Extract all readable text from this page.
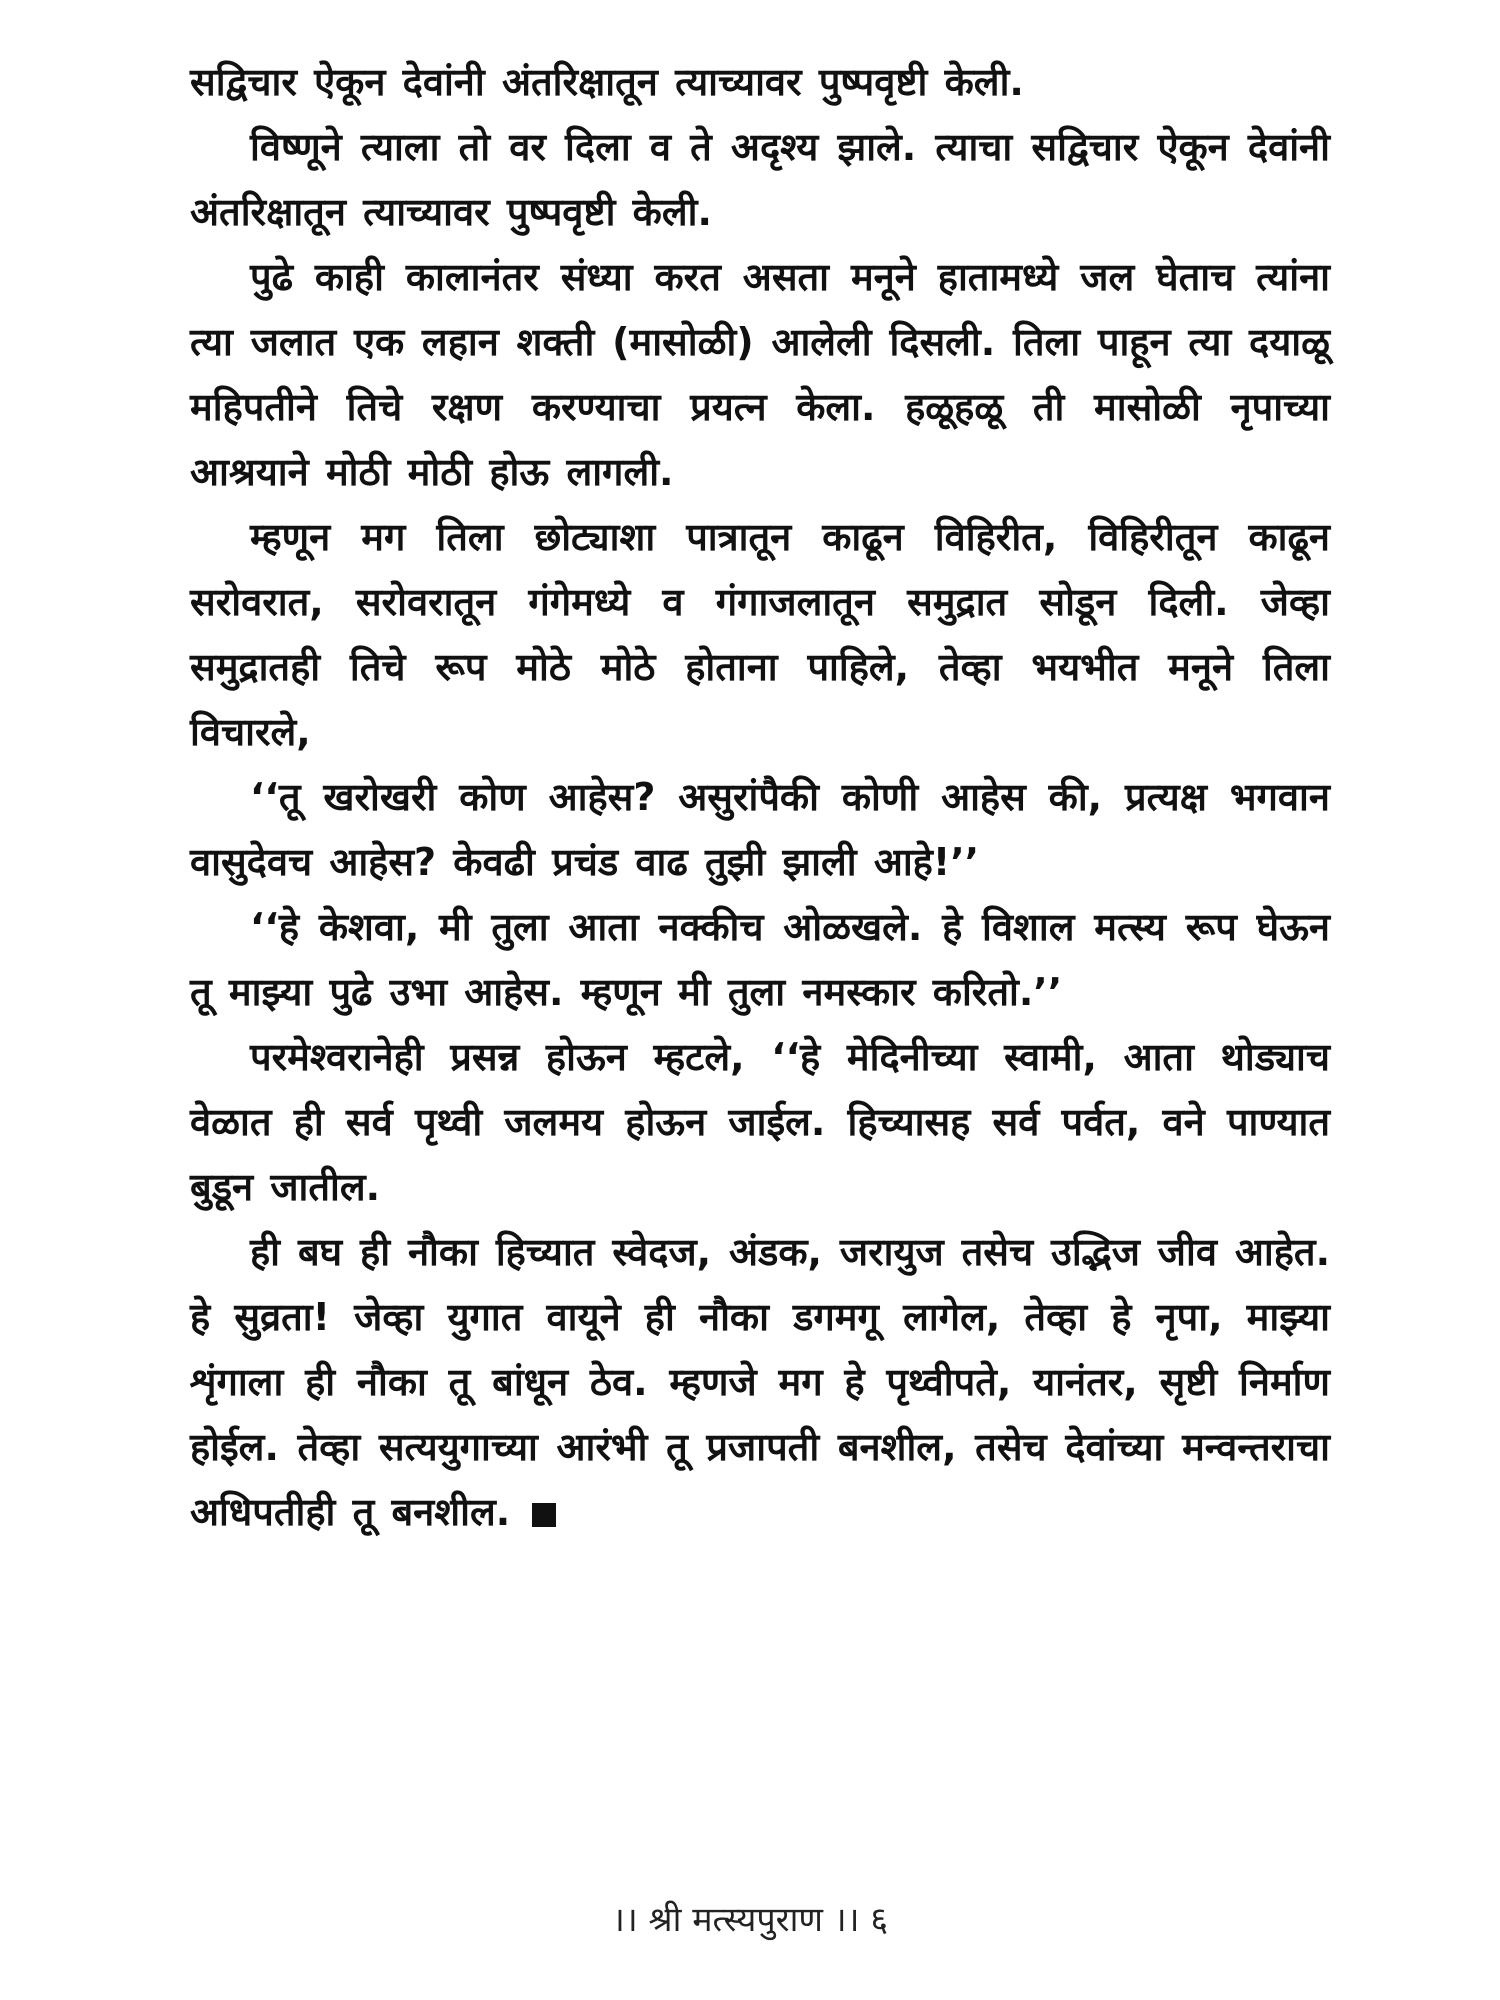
सद्विचार ऐकून देवांनी अंतरिक्षातून त्याच्यावर पुष्पवृष्टी केली.

विष्णूने त्याला तो वर दिला व ते अदृश्य झाले. त्याचा सद्विचार ऐकून देवांनी अंतरिक्षातून त्याच्यावर पुष्पवृष्टी केली.

पुढे काही कालानंतर संध्या करत असता मनूने हातामध्ये जल घेताच त्यांना त्या जलात एक लहान शक्ती (मासोळी) आलेली दिसली. तिला पाहून त्या दयाळू महिपतीने तिचे रक्षण करण्याचा प्रयत्न केला. हळूहळू ती मासोळी नृपाच्या आश्रयाने मोठी मोठी होऊ लागली.

म्हणून मग तिला छोट्याशा पात्रातून काढून विहिरीत, विहिरीतून काढून सरोवरात, सरोवरातून गंगेमध्ये व गंगाजलातून समुद्रात सोडून दिली. जेव्हा समुद्रातही तिचे रूप मोठे मोठे होताना पाहिले, तेव्हा भयभीत मनूने तिला विचारले,

‘‘तू खरोखरी कोण आहेस? असुरांपैकी कोणी आहेस की, प्रत्यक्ष भगवान वासुदेवच आहेस? केवढी प्रचंड वाढ तुझी झाली आहे!’’

‘‘हे केशवा, मी तुला आता नक्कीच ओळखले. हे विशाल मत्स्य रूप घेऊन तू माझ्या पुढे उभा आहेस. म्हणून मी तुला नमस्कार करितो.’’

परमेश्वरानेही प्रसन्न होऊन म्हटले, ‘‘हे मेदिनीच्या स्वामी, आता थोड्याच वेळात ही सर्व पृथ्वी जलमय होऊन जाईल. हिच्यासह सर्व पर्वत, वने पाण्यात बुडून जातील.

ही बघ ही नौका हिच्यात स्वेदज, अंडक, जरायुज तसेच उद्भिज जीव आहेत. हे सुव्रता! जेव्हा युगात वायूने ही नौका डगमगू लागेल, तेव्हा हे नृपा, माझ्या शृंगाला ही नौका तू बांधून ठेव. म्हणजे मग हे पृथ्वीपते, यानंतर, सृष्टी निर्माण होईल. तेव्हा सत्ययुगाच्या आरंभी तू प्रजापती बनशील, तसेच देवांच्या मन्वन्तराचा अधिपतीही तू बनशील.

।। श्री मत्स्यपुराण ।। ६
